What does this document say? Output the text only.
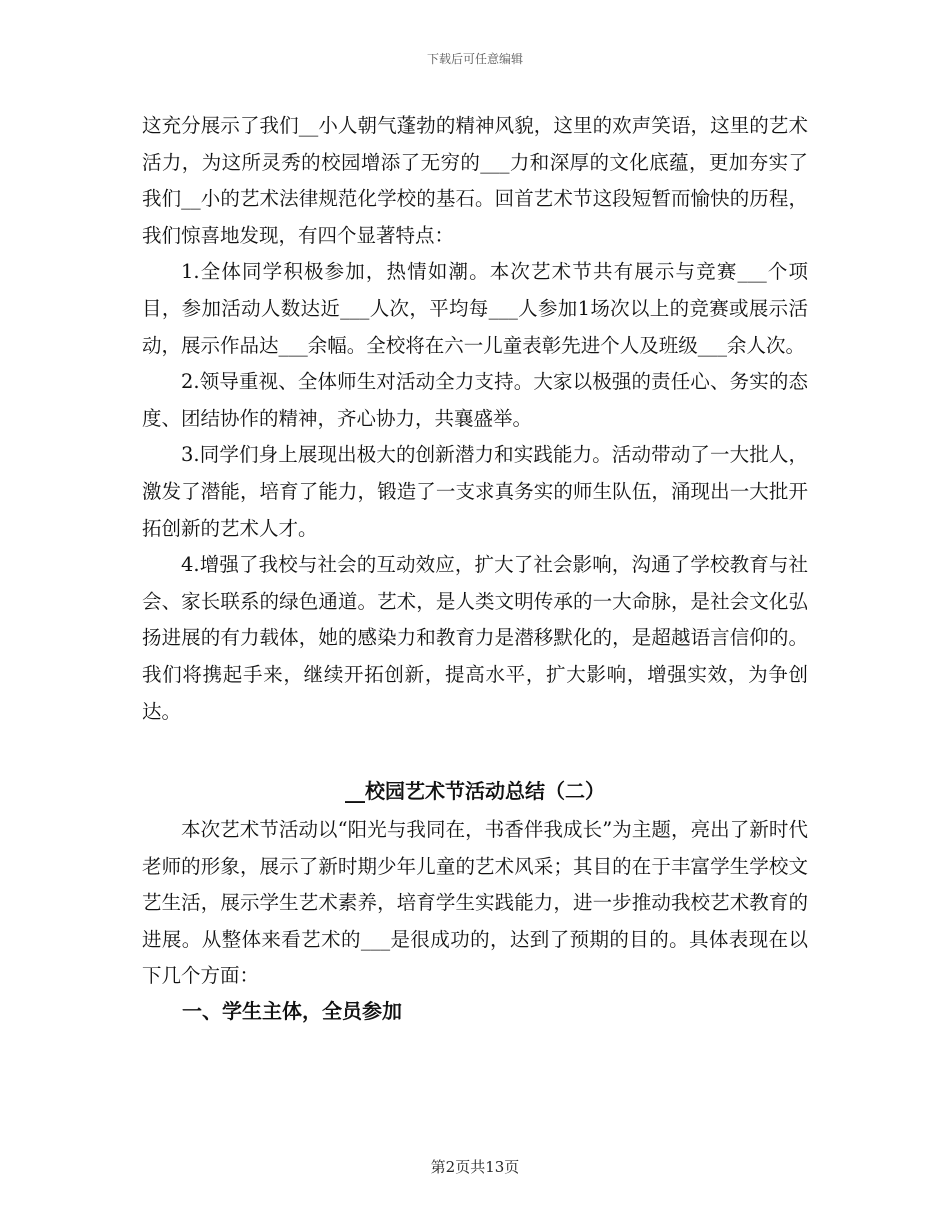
下载后可任意编辑

这充分展示了我们__小人朝气蓬勃的精神风貌，这里的欢声笑语，这里的艺术活力，为这所灵秀的校园增添了无穷的___力和深厚的文化底蕴，更加夯实了我们__小的艺术法律规范化学校的基石。回首艺术节这段短暂而愉快的历程，我们惊喜地发现，有四个显著特点：

1.全体同学积极参加，热情如潮。本次艺术节共有展示与竞赛___个项目，参加活动人数达近___人次，平均每___人参加1场次以上的竞赛或展示活动，展示作品达___余幅。全校将在六一儿童表彰先进个人及班级___余人次。

2.领导重视、全体师生对活动全力支持。大家以极强的责任心、务实的态度、团结协作的精神，齐心协力，共襄盛举。

3.同学们身上展现出极大的创新潜力和实践能力。活动带动了一大批人，激发了潜能，培育了能力，锻造了一支求真务实的师生队伍，涌现出一大批开拓创新的艺术人才。

4.增强了我校与社会的互动效应，扩大了社会影响，沟通了学校教育与社会、家长联系的绿色通道。艺术，是人类文明传承的一大命脉，是社会文化弘扬进展的有力载体，她的感染力和教育力是潜移默化的，是超越语言信仰的。我们将携起手来，继续开拓创新，提高水平，扩大影响，增强实效，为争创达。

__校园艺术节活动总结（二）

本次艺术节活动以“阳光与我同在，书香伴我成长”为主题，亮出了新时代老师的形象，展示了新时期少年儿童的艺术风采；其目的在于丰富学生学校文艺生活，展示学生艺术素养，培育学生实践能力，进一步推动我校艺术教育的进展。从整体来看艺术的___是很成功的，达到了预期的目的。具体表现在以下几个方面：

一、学生主体，全员参加
第2页共13页
